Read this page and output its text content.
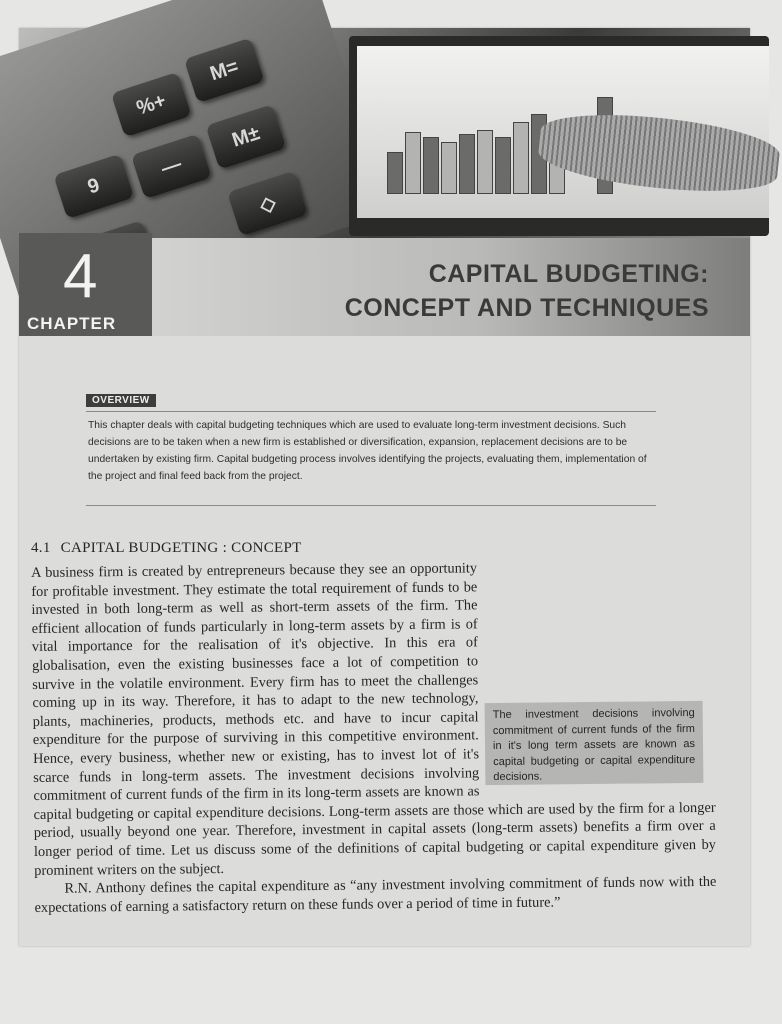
%+
M=
9
M±
—
◇
4
CHAPTER
CAPITAL BUDGETING:
CONCEPT AND TECHNIQUES
OVERVIEW
This chapter deals with capital budgeting techniques which are used to evaluate long-term investment decisions. Such decisions are to be taken when a new firm is established or diversification, expansion, replacement decisions are to be undertaken by existing firm. Capital budgeting process involves identifying the projects, evaluating them, implementation of the project and final feed back from the project.
4.1 CAPITAL BUDGETING : CONCEPT

A business firm is created by entrepreneurs because they see an opportunity for profitable investment. They estimate the total requirement of funds to be invested in both long-term as well as short-term assets of the firm. The efficient allocation of funds particularly in long-term assets by a firm is of vital importance for the realisation of it's objective. In this era of globalisation, even the existing businesses face a lot of competition to survive in the volatile environment. Every firm has to meet the challenges coming up in its way. Therefore, it has to adapt to the new technology, plants, machineries, products, methods etc. and have to incur capital expenditure for the purpose of surviving in this competitive environment. Hence, every business, whether new or existing, has to invest lot of it's scarce funds in long-term assets. The investment decisions involving commitment of current funds of the firm in its long-term assets are known as capital budgeting or capital expenditure decisions. Long-term assets are those which are used by the firm for a longer period, usually beyond one year. Therefore, investment in capital assets (long-term assets) benefits a firm over a longer period of time. Let us discuss some of the definitions of capital budgeting or capital expenditure given by prominent writers on the subject.

R.N. Anthony defines the capital expenditure as “any investment involving commitment of funds now with the expectations of earning a satisfactory return on these funds over a period of time in future.”

The investment decisions involving commitment of current funds of the firm in it's long term assets are known as capital budgeting or capital expenditure decisions.
